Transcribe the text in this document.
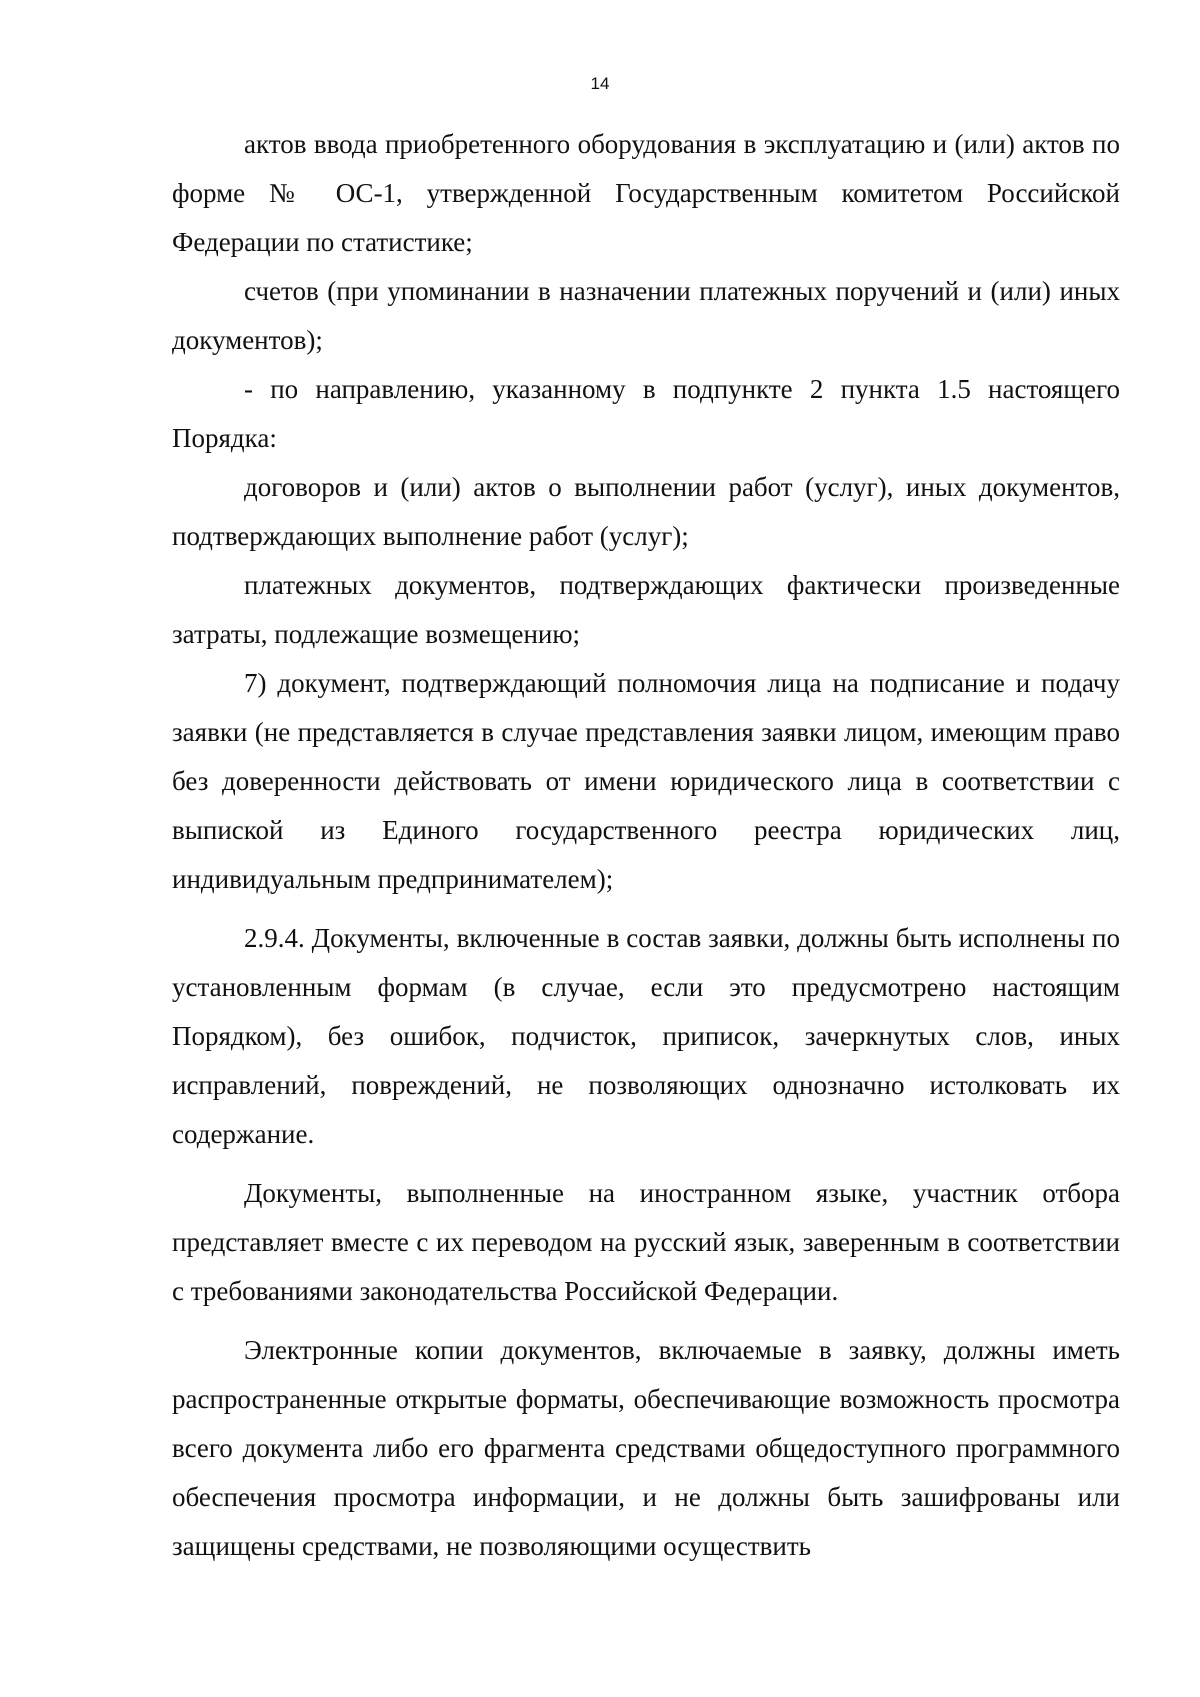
14

актов ввода приобретенного оборудования в эксплуатацию и (или) актов по форме № ОС-1, утвержденной Государственным комитетом Российской Федерации по статистике;

счетов (при упоминании в назначении платежных поручений и (или) иных документов);

- по направлению, указанному в подпункте 2 пункта 1.5 настоящего Порядка:

договоров и (или) актов о выполнении работ (услуг), иных документов, подтверждающих выполнение работ (услуг);

платежных документов, подтверждающих фактически произведенные затраты, подлежащие возмещению;

7) документ, подтверждающий полномочия лица на подписание и подачу заявки (не представляется в случае представления заявки лицом, имеющим право без доверенности действовать от имени юридического лица в соответствии с выпиской из Единого государственного реестра юридических лиц, индивидуальным предпринимателем);

2.9.4. Документы, включенные в состав заявки, должны быть исполнены по установленным формам (в случае, если это предусмотрено настоящим Порядком), без ошибок, подчисток, приписок, зачеркнутых слов, иных исправлений, повреждений, не позволяющих однозначно истолковать их содержание.

Документы, выполненные на иностранном языке, участник отбора представляет вместе с их переводом на русский язык, заверенным в соответствии с требованиями законодательства Российской Федерации.

Электронные копии документов, включаемые в заявку, должны иметь распространенные открытые форматы, обеспечивающие возможность просмотра всего документа либо его фрагмента средствами общедоступного программного обеспечения просмотра информации, и не должны быть зашифрованы или защищены средствами, не позволяющими осуществить
